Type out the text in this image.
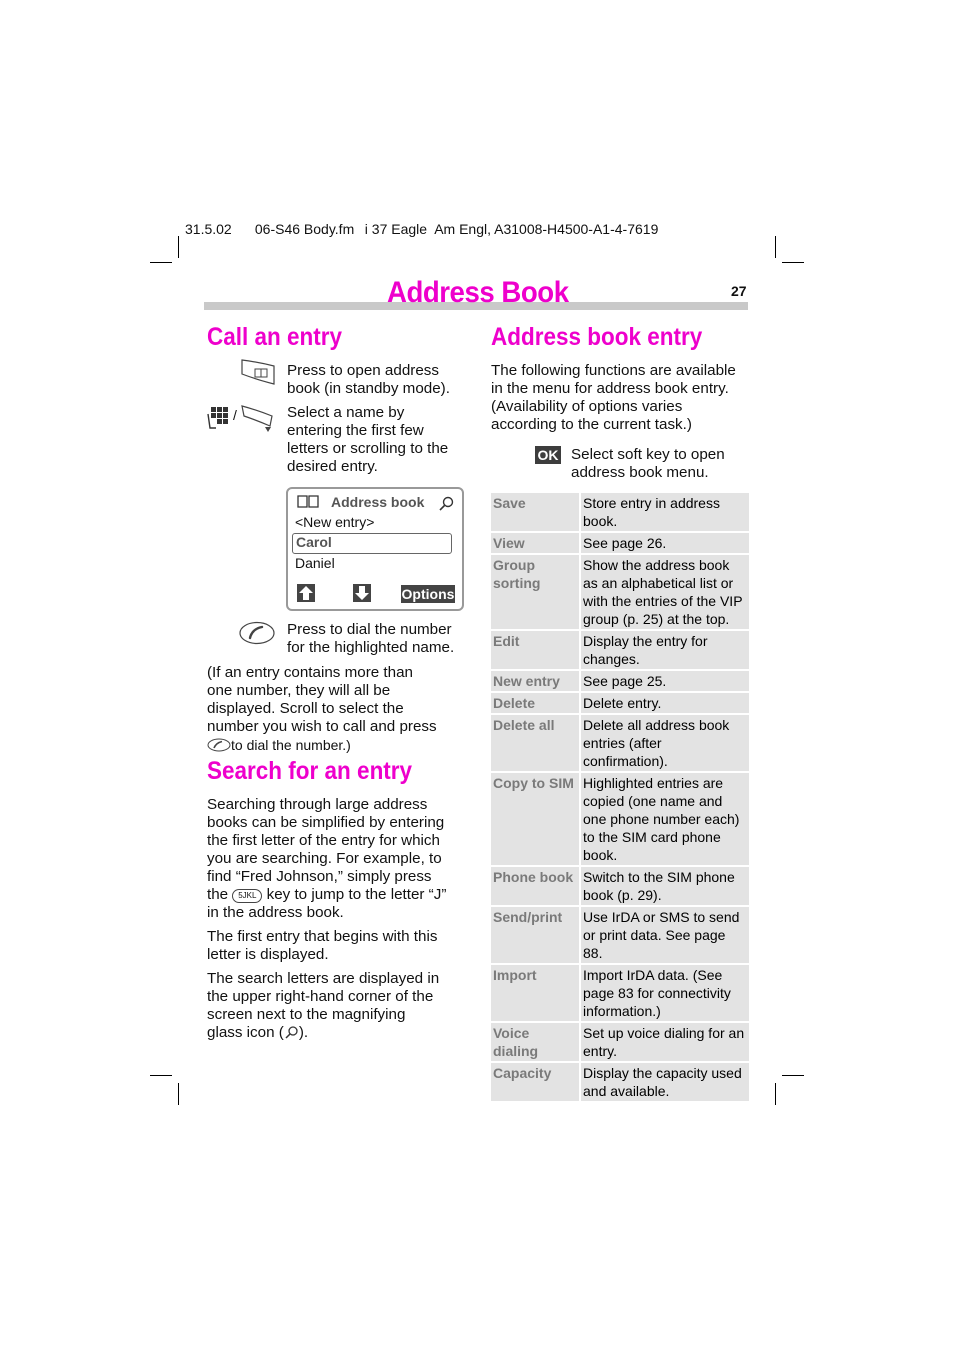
31.5.02 06-S46 Body.fm i 37 Eagle Am Engl, A31008-H4500-A1-4-7619
Address Book	27
Call an entry
Press to open address
book (in standby mode).
/	Select a name by
entering the first few
letters or scrolling to the
desired entry.
Address book
<New entry>
Carol
Daniel
Options
Press to dial the number
for the highlighted name.
(If an entry contains more than
one number, they will all be
displayed. Scroll to select the
number you wish to call and press
to dial the number.)
Search for an entry
Searching through large address
books can be simplified by entering
the first letter of the entry for which
you are searching. For example, to
find “Fred Johnson,” simply press
the 5JKL key to jump to the letter “J”
in the address book.
The first entry that begins with this
letter is displayed.
The search letters are displayed in
the upper right-hand corner of the
screen next to the magnifying
glass icon ( ).
Address book entry
The following functions are available
in the menu for address book entry.
(Availability of options varies
according to the current task.)
OK Select soft key to open
address book menu.
Save	Store entry in address book.
View	See page 26.
Group sorting	Show the address book as an alphabetical list or with the entries of the VIP group (p. 25) at the top.
Edit	Display the entry for changes.
New entry	See page 25.
Delete	Delete entry.
Delete all	Delete all address book entries (after confirmation).
Copy to SIM	Highlighted entries are copied (one name and one phone number each) to the SIM card phone book.
Phone book	Switch to the SIM phone book (p. 29).
Send/print	Use IrDA or SMS to send or print data. See page 88.
Import	Import IrDA data. (See page 83 for connectivity information.)
Voice dialing	Set up voice dialing for an entry.
Capacity	Display the capacity used and available.
